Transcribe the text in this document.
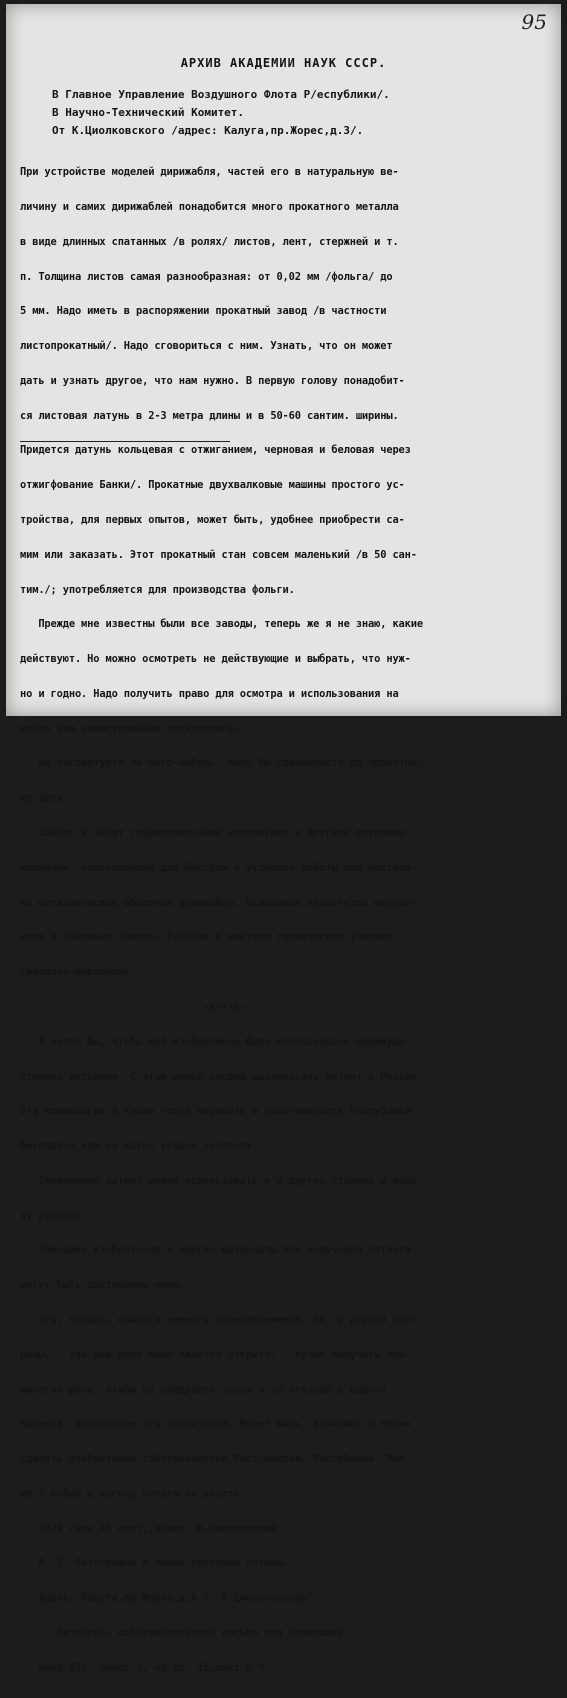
95
АРХИВ АКАДЕМИИ НАУК СССР.
В Главное Управление Воздушного Флота Р/еспублики/.
В Научно-Технический Комитет.
От К.Циолковского /адрес: Калуга,пр.Жорес,д.3/.

При устройстве моделей дирижабля, частей его в натуральную ве-

личину и самих дирижаблей понадобится много прокатного металла

в виде длинных спатанных /в ролях/ листов, лент, стержней и т.

п. Толщина листов самая разнообразная: от 0,02 мм /фольга/ до

5 мм. Надо иметь в распоряжении прокатный завод /в частности

листопрокатный/. Надо сговориться с ним. Узнать, что он может

дать и узнать другое, что нам нужно. В первую голову понадобит-

ся листовая латунь в 2-3 метра длины и в 50-60 сантим. ширины.

Придется датунь кольцевая с отжиганием, черновая и беловая через

отжигфование Банки/. Прокатные двухвалковые машины простого ус-

тройства, для первых опытов, может быть, удобнее приобрести са-

мим или заказать. Этот прокатный стан совсем маленький /в 50 сан-

тим./; употребляется для производства фольги.

Прежде мне известны были все заводы, теперь же я не знаю, какие

действуют. Но можно осмотреть не действующие и выбрать, что нуж-

но и годно. Надо получить право для осмотра и использования на

месте или заимствования подходящего.

Не посоветуете ли чего-нибудь. Надо бы специалиста по прокатно-

му делу.

Сейчас я занят гофрировальными аппаратами и другими орудиями-

машинами, необходимыми для быстрой и успешной работы при построй-

ке металлических оболочек дирижабля. Испытываю недостаток матери-

алов и обменных знаков. Работаю в местном техническом училище

/железно-дорожном/.

-х-х-х-

Я желал бы, чтобы моё изобретение было использовано преимуще-

ственно русскими. С этою целью посвящ выхлопотать патент в России.

Эту привилегию я также готов передать в собственность Республики

бесплатно или на каких угодно условиях.

Современем патент можно использовать и в других странах в поль-

зу русских.

Описание изобретения и другие материалы для получения патента

могут быть доставлены мною.

Это, правда, кажется немного преждевременно. Но, с другой сто-

роны, - так как дело мною ведётся открыто, - лучше получить при-

вилегию рано, чтобы не придрался закон и не отказал в выдаче

патента, вследствие его открытости. Может быть, возможно и прямо

сделать изобретение собственностью Росс/ийской/ Республики. Мне

же с собою в могилу ничего не унести.

1922 года,25 сент.,понед. К.Циолковский.

Р. S. Фотографии к новой рукописи готовы.

Адрес: Калуга,пр.Жорес,д.№ 3. К.Циолковскому".

Автограф: собственноручное письмо под копировку.

Фонд 555, опись 3, ед.хр. 15,лист 8-9.
